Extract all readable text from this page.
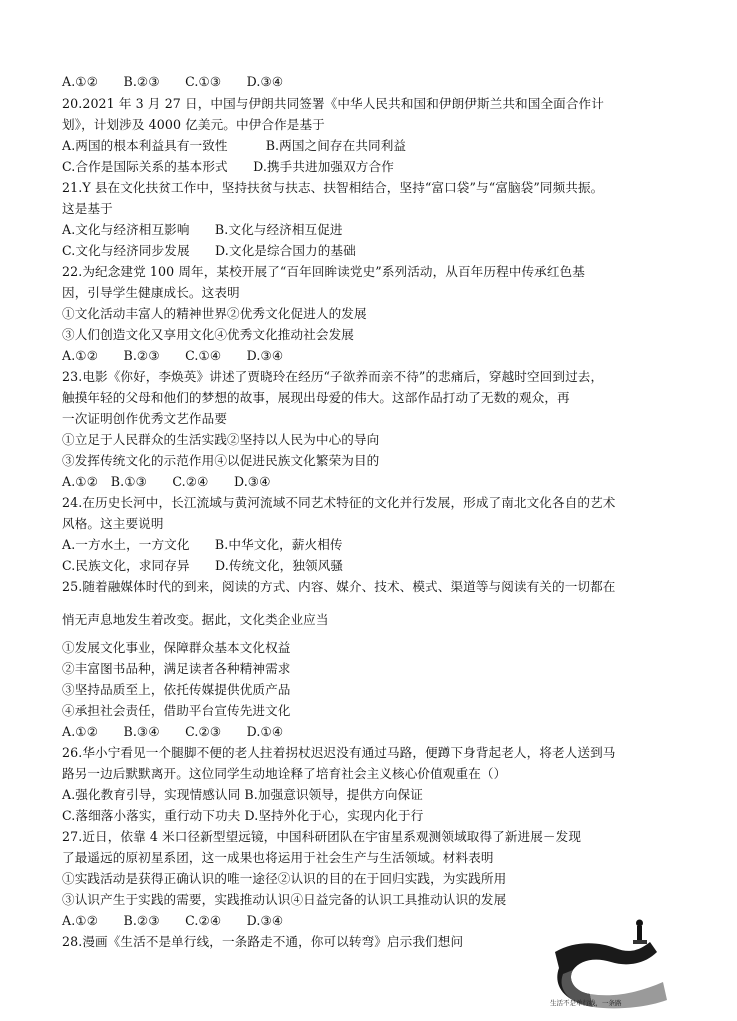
A.①②　　B.②③　　C.①③　　D.③④
20.2021 年 3 月 27 日，中国与伊朗共同签署《中华人民共和国和伊朗伊斯兰共和国全面合作计
划》，计划涉及 4000 亿美元。中伊合作是基于
A.两国的根本利益具有一致性　　　B.两国之间存在共同利益
C.合作是国际关系的基本形式　　D.携手共进加强双方合作
21.Y 县在文化扶贫工作中，坚持扶贫与扶志、扶智相结合，坚持“富口袋”与“富脑袋”同频共振。
这是基于
A.文化与经济相互影响　　B.文化与经济相互促进
C.文化与经济同步发展　　D.文化是综合国力的基础
22.为纪念建党 100 周年，某校开展了“百年回眸读党史”系列活动，从百年历程中传承红色基
因，引导学生健康成长。这表明
①文化活动丰富人的精神世界②优秀文化促进人的发展
③人们创造文化又享用文化④优秀文化推动社会发展
A.①②　　B.②③　　C.①④　　D.③④
23.电影《你好，李焕英》讲述了贾晓玲在经历“子欲养而亲不待”的悲痛后，穿越时空回到过去，
触摸年轻的父母和他们的梦想的故事，展现出母爱的伟大。这部作品打动了无数的观众，再
一次证明创作优秀文艺作品要
①立足于人民群众的生活实践②坚持以人民为中心的导向
③发挥传统文化的示范作用④以促进民族文化繁荣为目的
A.①②　B.①③　　C.②④　　D.③④
24.在历史长河中，长江流域与黄河流域不同艺术特征的文化并行发展，形成了南北文化各自的艺术
风格。这主要说明
A.一方水土，一方文化　　B.中华文化，薪火相传
C.民族文化，求同存异　　D.传统文化，独领风骚
25.随着融媒体时代的到来，阅读的方式、内容、媒介、技术、模式、渠道等与阅读有关的一切都在
悄无声息地发生着改变。据此，文化类企业应当
①发展文化事业，保障群众基本文化权益
②丰富图书品种，满足读者各种精神需求
③坚持品质至上，依托传媒提供优质产品
④承担社会责任，借助平台宣传先进文化
A.①②　　B.③④　　C.②③　　D.①④
26.华小宁看见一个腿脚不便的老人拄着拐杖迟迟没有通过马路，便蹲下身背起老人，将老人送到马
路另一边后默默离开。这位同学生动地诠释了培育社会主义核心价值观重在（）
A.强化教育引导，实现情感认同 B.加强意识领导，提供方向保证
C.落细落小落实，重行动下功夫 D.坚持外化于心，实现内化于行
27.近日，依靠 4 米口径新型望远镜，中国科研团队在宇宙星系观测领域取得了新进展－发现
了最遥远的原初星系团，这一成果也将运用于社会生产与生活领域。材料表明
①实践活动是获得正确认识的唯一途径②认识的目的在于回归实践，为实践所用
③认识产生于实践的需要，实践推动认识④日益完备的认识工具推动认识的发展
A.①②　　B.②③　　C.②④　　D.③④
28.漫画《生活不是单行线，一条路走不通，你可以转弯》启示我们想问
生活不是单行线，一条路
